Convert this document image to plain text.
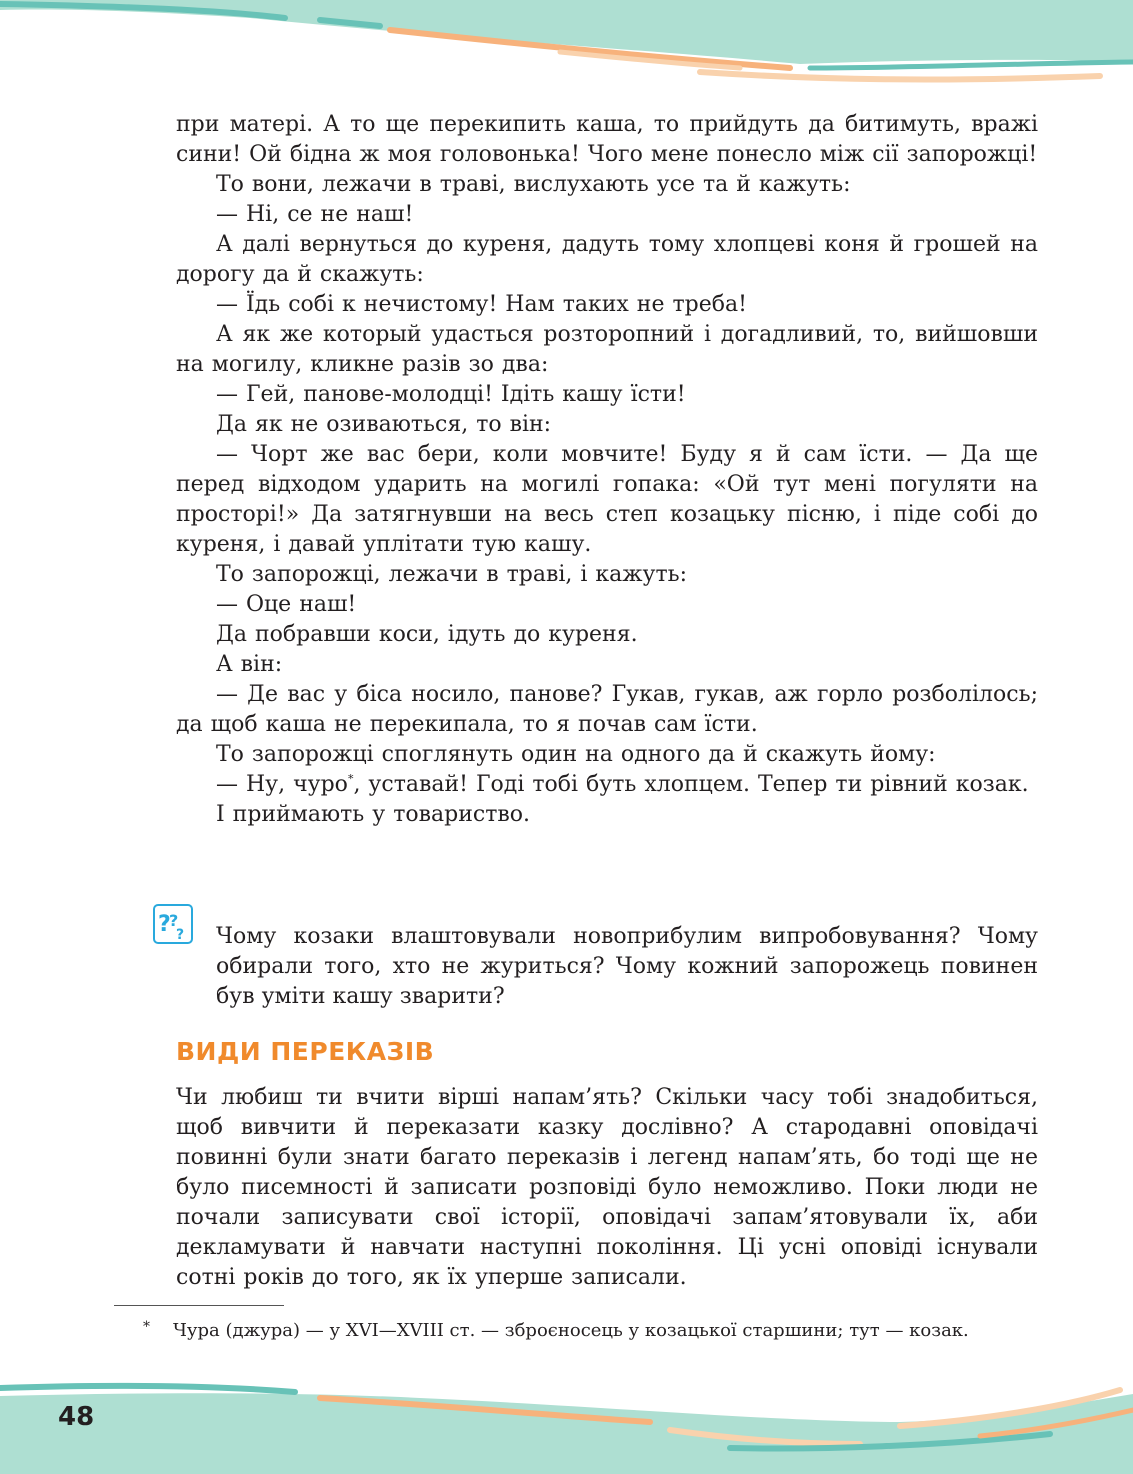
при матері. А то ще перекипить каша, то прийдуть да битимуть, вражі сини! Ой бідна ж моя головонька! Чого мене понесло між сії запорожці!

То вони, лежачи в траві, вислухають усе та й кажуть:

— Ні, се не наш!

А далі вернуться до куреня, дадуть тому хлопцеві коня й грошей на дорогу да й скажуть:

— Їдь собі к нечистому! Нам таких не треба!

А як же который удасться розторопний і догадливий, то, вийшовши на могилу, кликне разів зо два:

— Гей, панове-молодці! Ідіть кашу їсти!

Да як не озиваються, то він:

— Чорт же вас бери, коли мовчите! Буду я й сам їсти. — Да ще перед відходом ударить на могилі гопака: «Ой тут мені погуляти на просторі!» Да затягнувши на весь степ козацьку пісню, і піде собі до куреня, і давай уплітати тую кашу.

То запорожці, лежачи в траві, і кажуть:

— Оце наш!

Да побравши коси, ідуть до куреня.

А він:

— Де вас у біса носило, панове? Гукав, гукав, аж горло розболілось; да щоб каша не перекипала, то я почав сам їсти.

То запорожці споглянуть один на одного да й скажуть йому:

— Ну, чуро*, уставай! Годі тобі буть хлопцем. Тепер ти рівний козак.

І приймають у товариство.

?
?
? Чому козаки влаштовували новоприбулим випробовування? Чому обирали того, хто не журиться? Чому кожний запорожець повинен був уміти кашу зварити?

ВИДИ ПЕРЕКАЗІВ

Чи любиш ти вчити вірші напам’ять? Скільки часу тобі знадобиться, щоб вивчити й переказати казку дослівно? А стародавні оповідачі повинні були знати багато переказів і легенд напам’ять, бо тоді ще не було писемності й записати розповіді було неможливо. Поки люди не почали записувати свої історії, оповідачі запам’ятовували їх, аби декламувати й навчати наступні покоління. Ці усні оповіді існували сотні років до того, як їх уперше записали.

* Чура (джура) — у XVI—XVIII ст. — зброєносець у козацької старшини; тут — козак.

48
